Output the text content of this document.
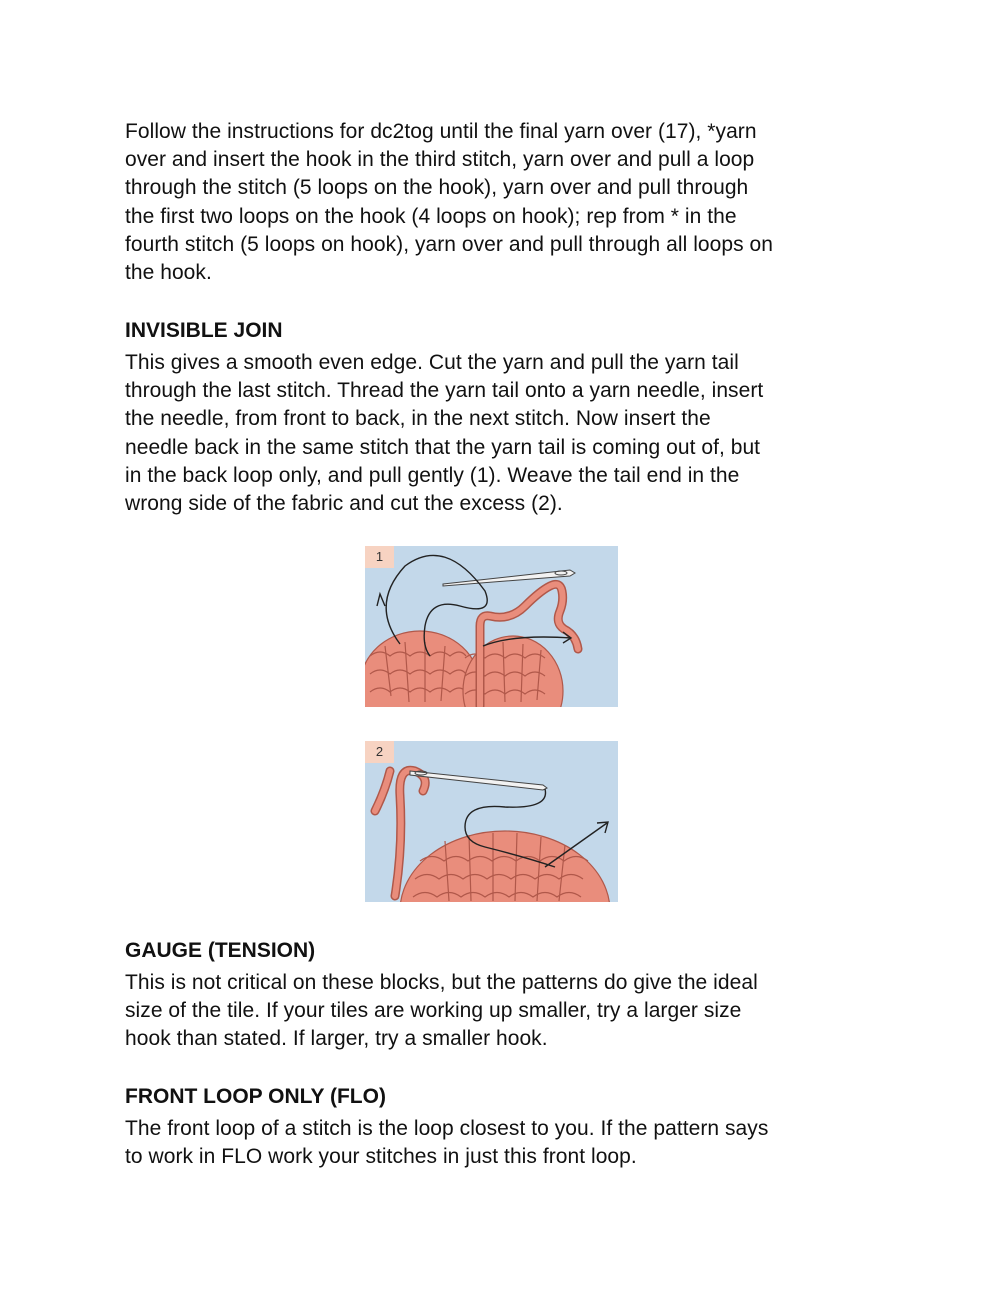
Follow the instructions for dc2tog until the final yarn over (17), *yarn
over and insert the hook in the third stitch, yarn over and pull a loop
through the stitch (5 loops on the hook), yarn over and pull through
the first two loops on the hook (4 loops on hook); rep from * in the
fourth stitch (5 loops on hook), yarn over and pull through all loops on
the hook.

INVISIBLE JOIN

This gives a smooth even edge. Cut the yarn and pull the yarn tail
through the last stitch. Thread the yarn tail onto a yarn needle, insert
the needle, from front to back, in the next stitch. Now insert the
needle back in the same stitch that the yarn tail is coming out of, but
in the back loop only, and pull gently (1). Weave the tail end in the
wrong side of the fabric and cut the excess (2).

1
2
GAUGE (TENSION)

This is not critical on these blocks, but the patterns do give the ideal
size of the tile. If your tiles are working up smaller, try a larger size
hook than stated. If larger, try a smaller hook.

FRONT LOOP ONLY (FLO)

The front loop of a stitch is the loop closest to you. If the pattern says
to work in FLO work your stitches in just this front loop.
